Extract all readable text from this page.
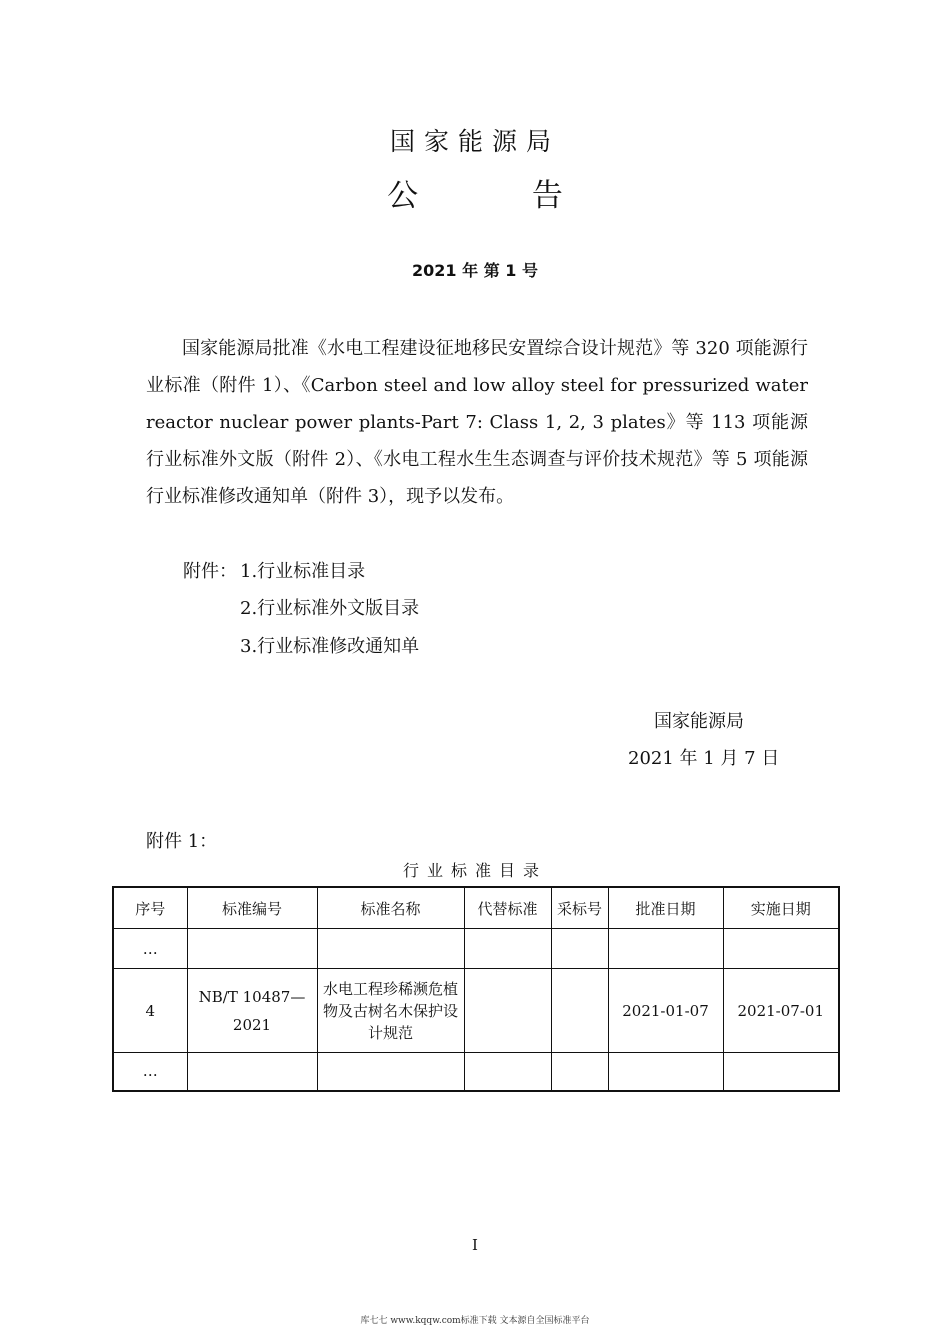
国家能源局
公 告
2021 年 第 1 号
国家能源局批准《水电工程建设征地移民安置综合设计规范》等 320 项能源行业标准（附件 1）、《Carbon steel and low alloy steel for pressurized water reactor nuclear power plants-Part 7: Class 1, 2, 3 plates》等 113 项能源行业标准外文版（附件 2）、《水电工程水生生态调查与评价技术规范》等 5 项能源行业标准修改通知单（附件 3），现予以发布。
附件： 1.行业标准目录
2.行业标准外文版目录
3.行业标准修改通知单
国家能源局
2021 年 1 月 7 日
附件 1：
行业标准目录
序号	标准编号	标准名称	代替标准	采标号	批准日期	实施日期
…						
4	NB/T 10487—2021	水电工程珍稀濒危植物及古树名木保护设计规范			2021-01-07	2021-07-01
…						
I
库七七 www.kqqw.com标准下载 文本源自全国标准平台
